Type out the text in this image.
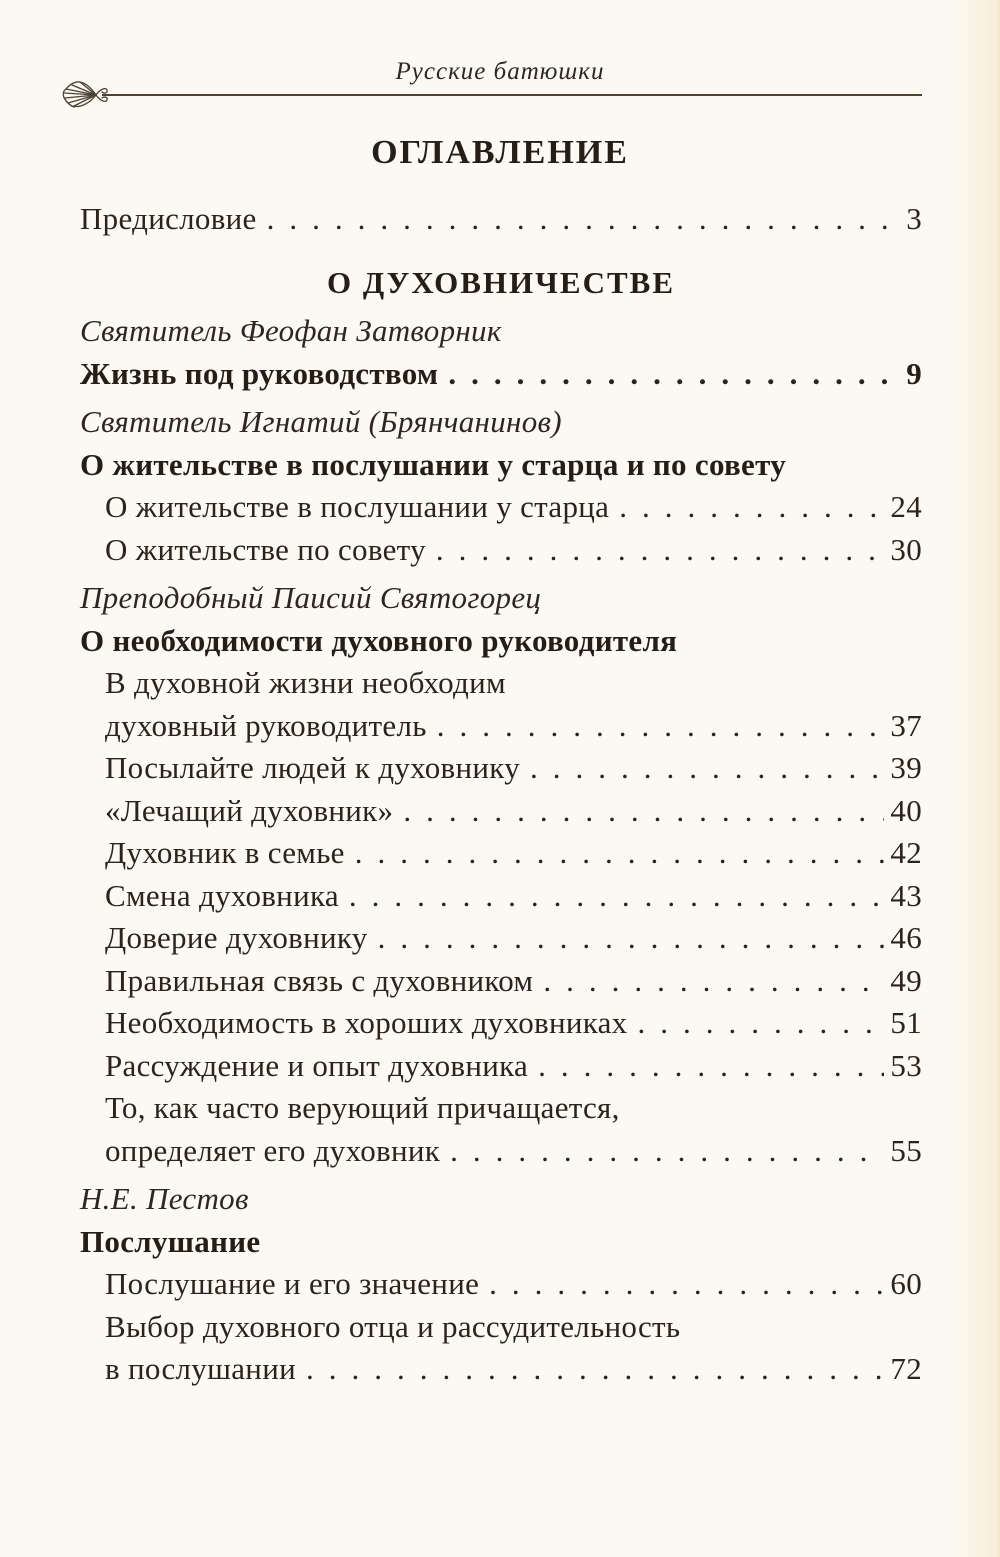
Русские батюшки
ОГЛАВЛЕНИЕ
Предисловие .....	3
О ДУХОВНИЧЕСТВЕ
Святитель Феофан Затворник
Жизнь под руководством .....	9
Святитель Игнатий (Брянчанинов)
О жительстве в послушании у старца и по совету
О жительстве в послушании у старца .....	24
О жительстве по совету .....	30
Преподобный Паисий Святогорец
О необходимости духовного руководителя
В духовной жизни необходим
духовный руководитель .....	37
Посылайте людей к духовнику .....	39
«Лечащий духовник» .....	40
Духовник в семье .....	42
Смена духовника .....	43
Доверие духовнику .....	46
Правильная связь с духовником .....	49
Необходимость в хороших духовниках .....	51
Рассуждение и опыт духовника .....	53
То, как часто верующий причащается,
определяет его духовник .....	55
Н.Е. Пестов
Послушание
Послушание и его значение .....	60
Выбор духовного отца и рассудительность
в послушании .....	72
